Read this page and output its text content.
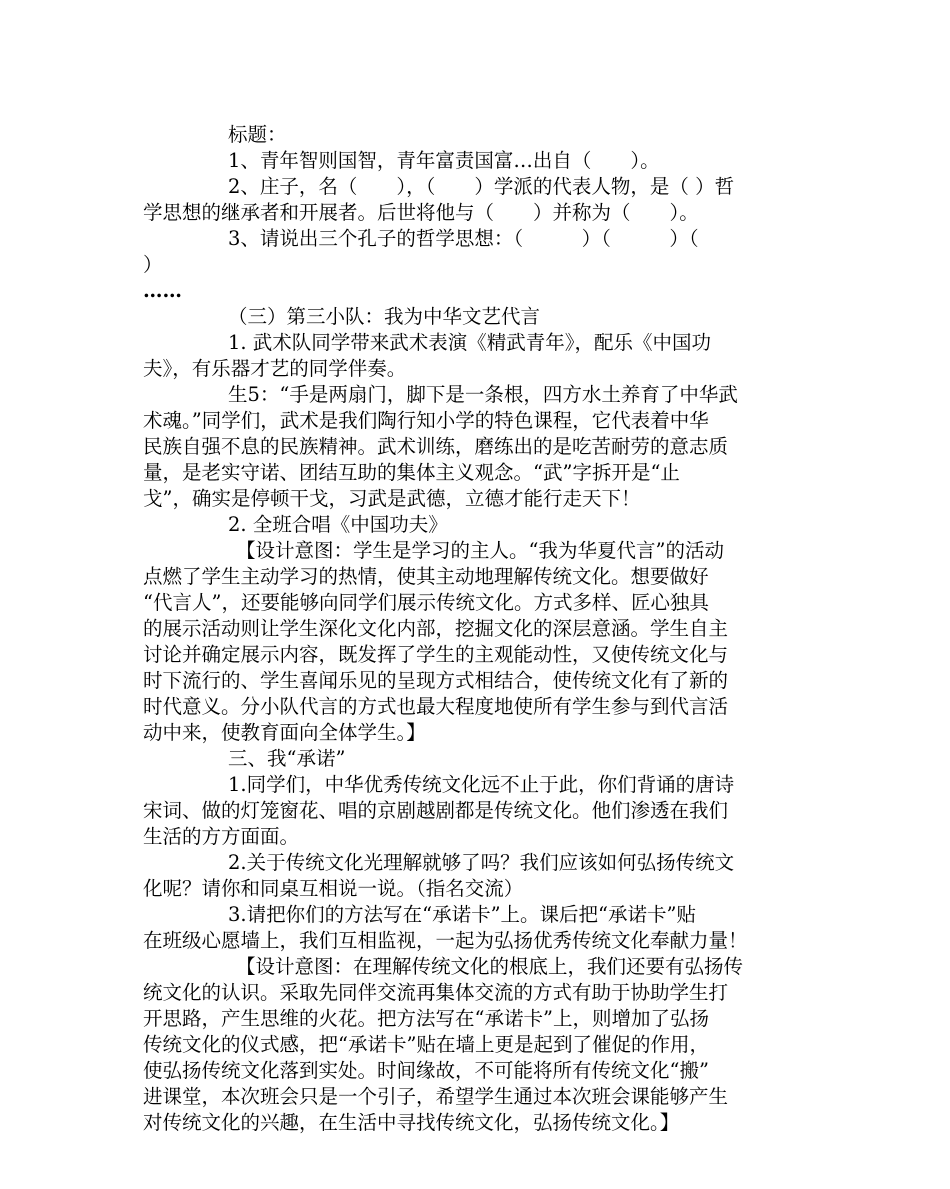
标题：
1、青年智则国智，青年富责国富…出自（　　）。
2、庄子，名（　　），（　　）学派的代表人物，是（ ）哲
学思想的继承者和开展者。后世将他与（　　）并称为（　　）。
3、请说出三个孔子的哲学思想：（　　　）（　　　）（
）
……
（三）第三小队：我为中华文艺代言
1. 武术队同学带来武术表演《精武青年》，配乐《中国功
夫》，有乐器才艺的同学伴奏。
生5：“手是两扇门，脚下是一条根，四方水土养育了中华武
术魂。”同学们，武术是我们陶行知小学的特色课程，它代表着中华
民族自强不息的民族精神。武术训练，磨练出的是吃苦耐劳的意志质
量，是老实守诺、团结互助的集体主义观念。“武”字拆开是“止
戈”，确实是停顿干戈，习武是武德，立德才能行走天下！
2. 全班合唱《中国功夫》
【设计意图：学生是学习的主人。“我为华夏代言”的活动
点燃了学生主动学习的热情，使其主动地理解传统文化。想要做好
“代言人”，还要能够向同学们展示传统文化。方式多样、匠心独具
的展示活动则让学生深化文化内部，挖掘文化的深层意涵。学生自主
讨论并确定展示内容，既发挥了学生的主观能动性，又使传统文化与
时下流行的、学生喜闻乐见的呈现方式相结合，使传统文化有了新的
时代意义。分小队代言的方式也最大程度地使所有学生参与到代言活
动中来，使教育面向全体学生。】
三、我“承诺”
1.同学们，中华优秀传统文化远不止于此，你们背诵的唐诗
宋词、做的灯笼窗花、唱的京剧越剧都是传统文化。他们渗透在我们
生活的方方面面。
2.关于传统文化光理解就够了吗？我们应该如何弘扬传统文
化呢？请你和同桌互相说一说。（指名交流）
3.请把你们的方法写在“承诺卡”上。课后把“承诺卡”贴
在班级心愿墙上，我们互相监视，一起为弘扬优秀传统文化奉献力量！
【设计意图：在理解传统文化的根底上，我们还要有弘扬传
统文化的认识。采取先同伴交流再集体交流的方式有助于协助学生打
开思路，产生思维的火花。把方法写在“承诺卡”上，则增加了弘扬
传统文化的仪式感，把“承诺卡”贴在墙上更是起到了催促的作用，
使弘扬传统文化落到实处。时间缘故，不可能将所有传统文化“搬”
进课堂，本次班会只是一个引子，希望学生通过本次班会课能够产生
对传统文化的兴趣，在生活中寻找传统文化，弘扬传统文化。】
